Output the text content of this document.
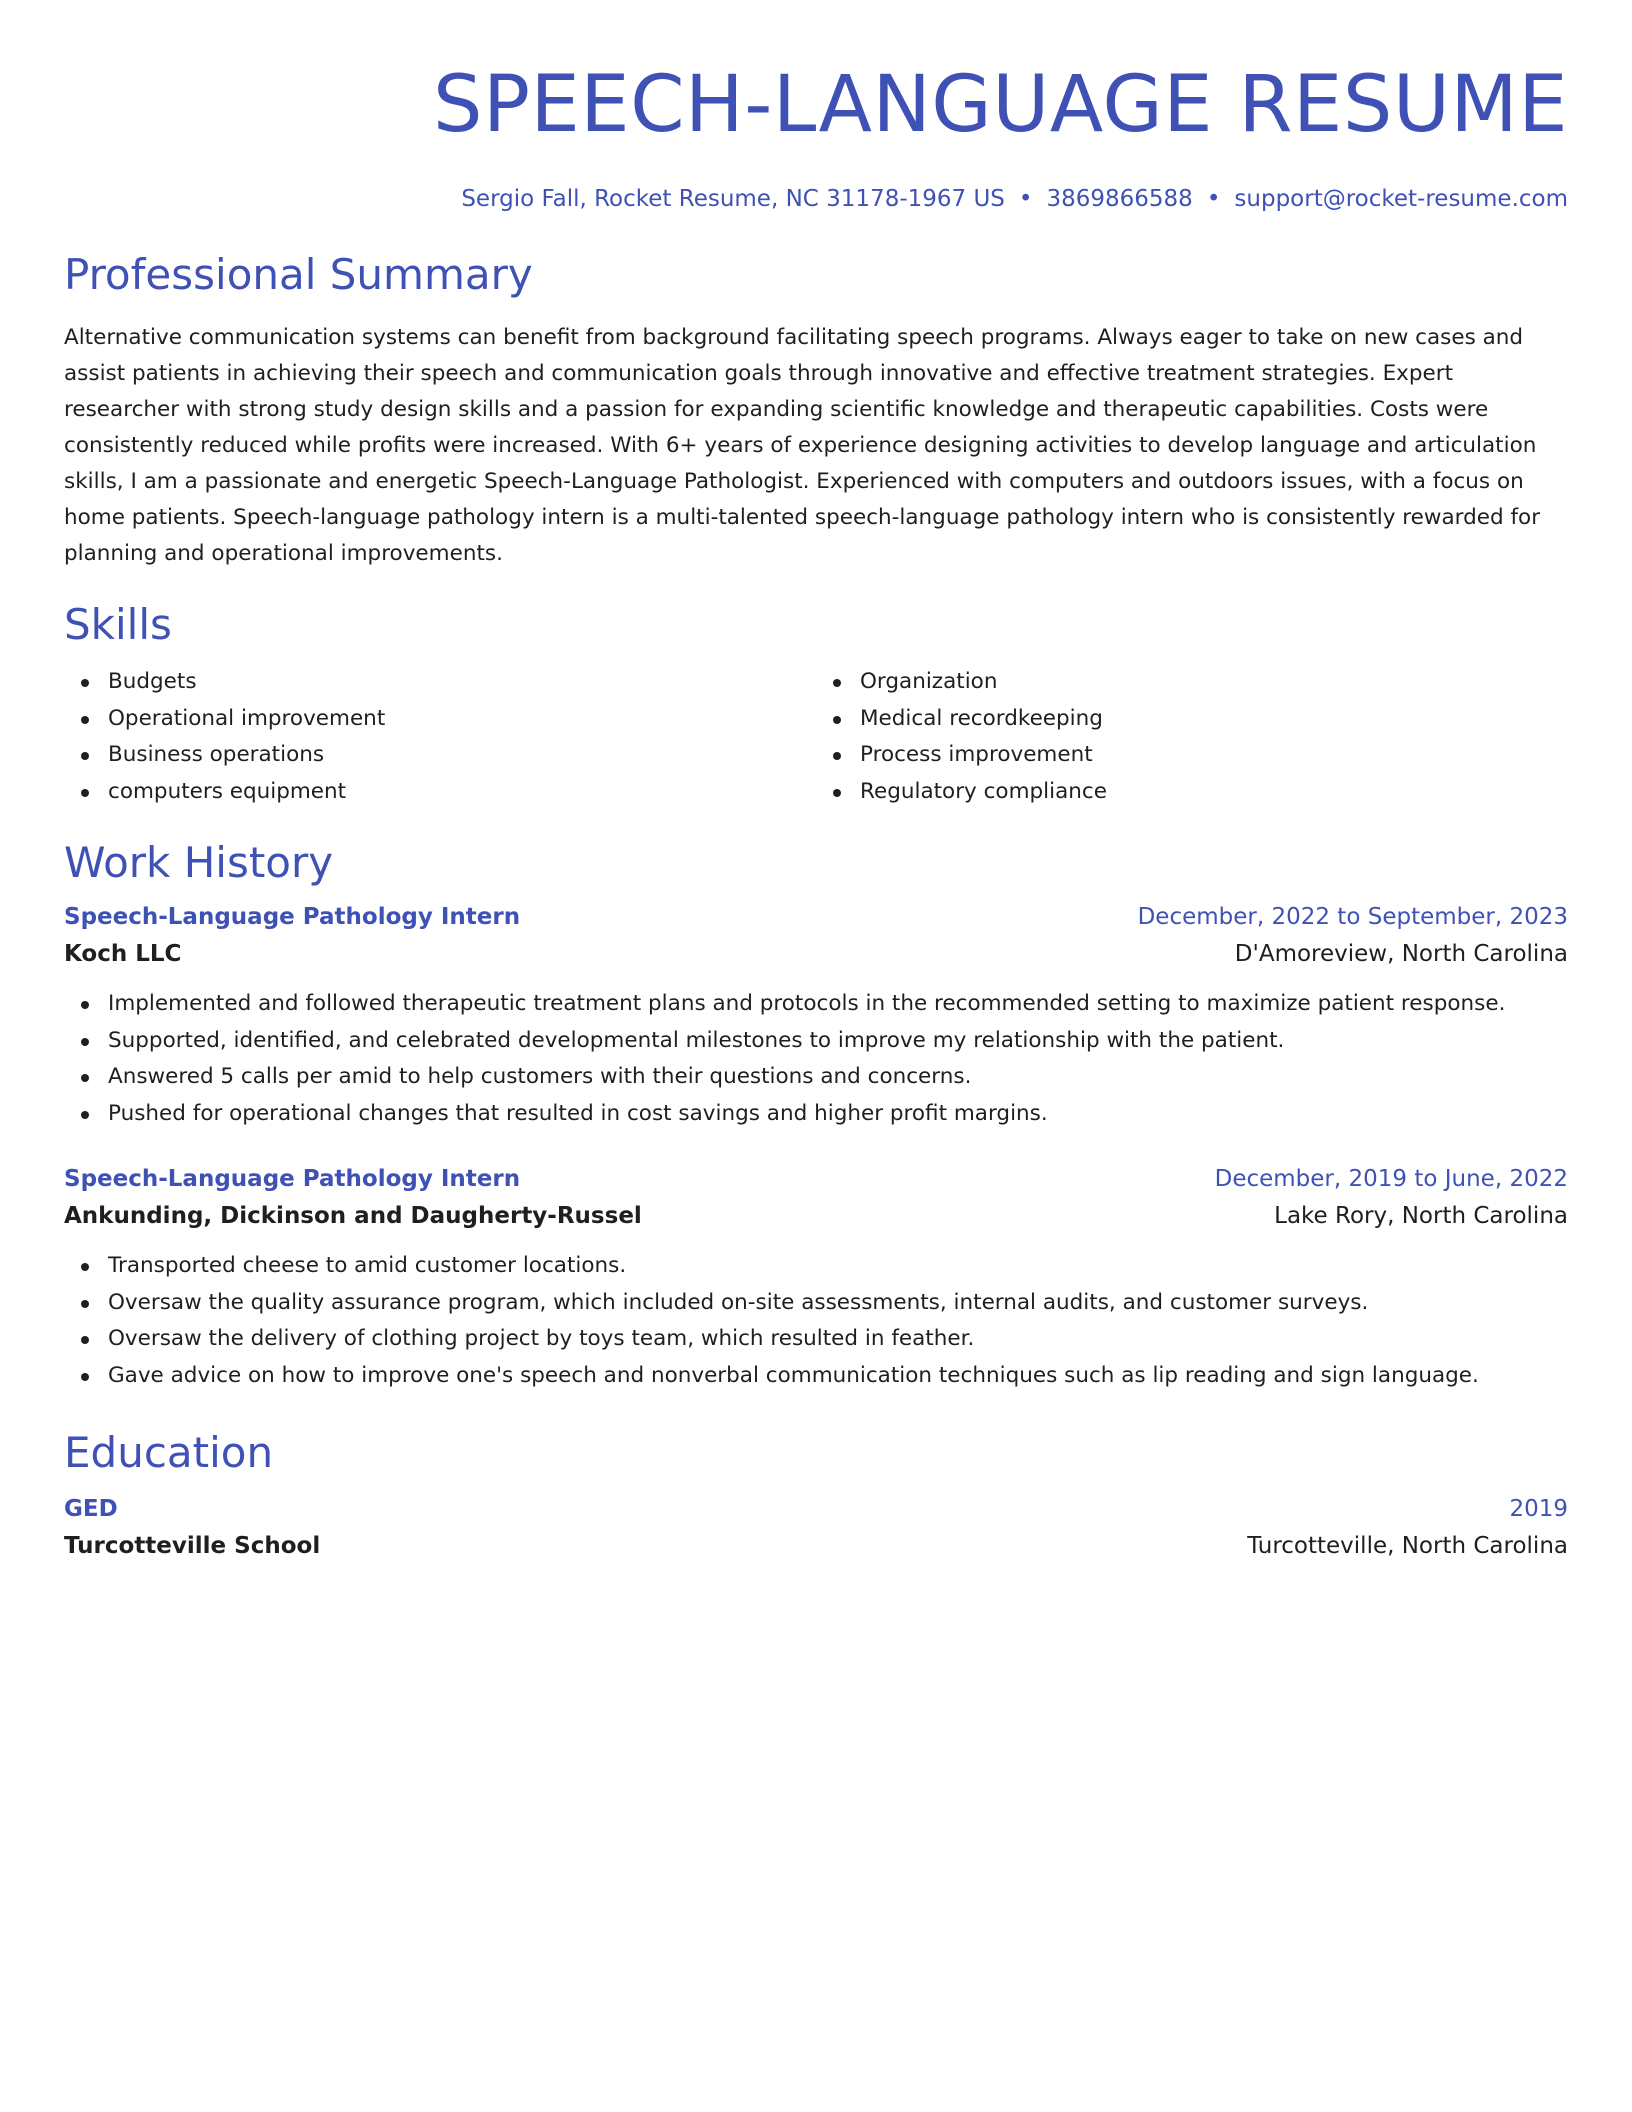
SPEECH-LANGUAGE RESUME
Sergio Fall, Rocket Resume, NC 31178-1967 US • 3869866588 • support@rocket-resume.com
Professional Summary

Alternative communication systems can benefit from background facilitating speech programs. Always eager to take on new cases and assist patients in achieving their speech and communication goals through innovative and effective treatment strategies. Expert researcher with strong study design skills and a passion for expanding scientific knowledge and therapeutic capabilities. Costs were consistently reduced while profits were increased. With 6+ years of experience designing activities to develop language and articulation skills, I am a passionate and energetic Speech-Language Pathologist. Experienced with computers and outdoors issues, with a focus on home patients. Speech-language pathology intern is a multi-talented speech-language pathology intern who is consistently rewarded for planning and operational improvements.

Skills
Budgets
Operational improvement
Business operations
computers equipment
Organization
Medical recordkeeping
Process improvement
Regulatory compliance
Work History
Speech-Language Pathology Intern	December, 2022 to September, 2023
Koch LLC	D'Amoreview, North Carolina
Implemented and followed therapeutic treatment plans and protocols in the recommended setting to maximize patient response.
Supported, identified, and celebrated developmental milestones to improve my relationship with the patient.
Answered 5 calls per amid to help customers with their questions and concerns.
Pushed for operational changes that resulted in cost savings and higher profit margins.
Speech-Language Pathology Intern	December, 2019 to June, 2022
Ankunding, Dickinson and Daugherty-Russel	Lake Rory, North Carolina
Transported cheese to amid customer locations.
Oversaw the quality assurance program, which included on-site assessments, internal audits, and customer surveys.
Oversaw the delivery of clothing project by toys team, which resulted in feather.
Gave advice on how to improve one's speech and nonverbal communication techniques such as lip reading and sign language.
Education
GED	2019
Turcotteville School	Turcotteville, North Carolina
